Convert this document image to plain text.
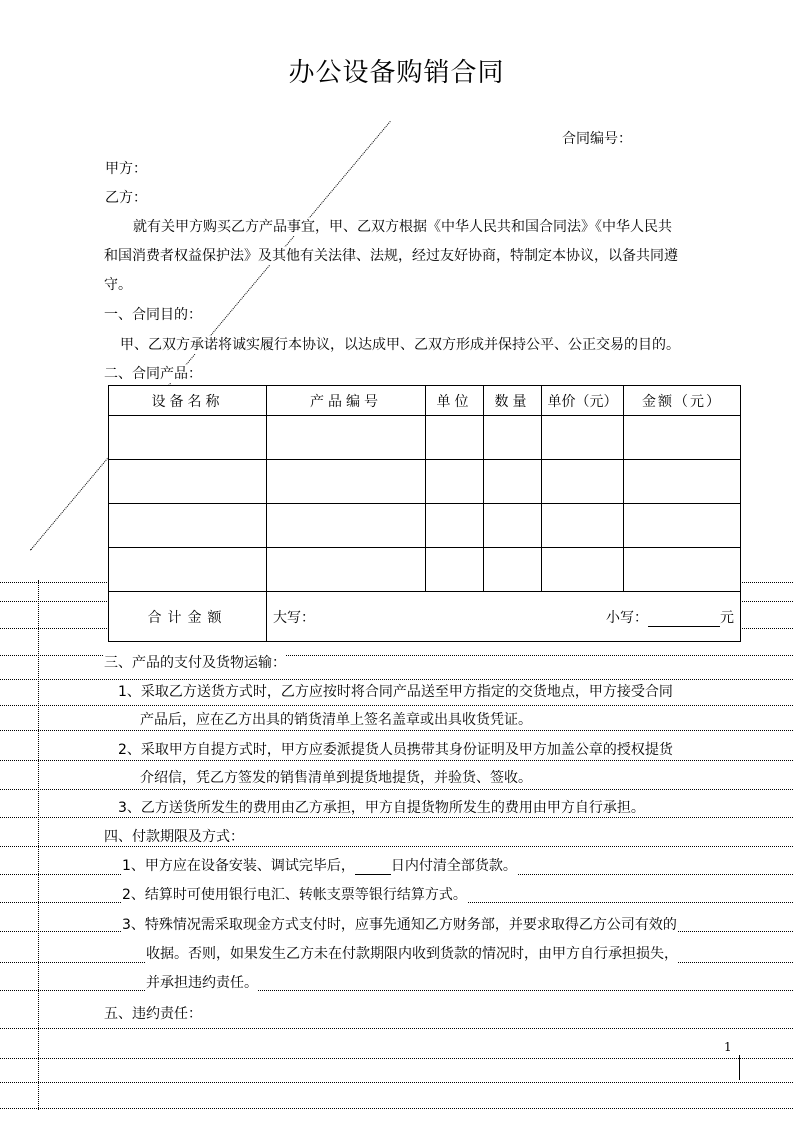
办公设备购销合同
合同编号：
甲方：
乙方：
就有关甲方购买乙方产品事宜，甲、乙双方根据《中华人民共和国合同法》《中华人民共
和国消费者权益保护法》及其他有关法律、法规，经过友好协商，特制定本协议，以备共同遵
守。
一、合同目的：
甲、乙双方承诺将诚实履行本协议，以达成甲、乙双方形成并保持公平、公正交易的目的。
二、合同产品：
设备名称	产品编号	单位	数量	单价（元）	金额（元）

合计金额	大写： 小写： 元				
三、产品的支付及货物运输：
1、采取乙方送货方式时，乙方应按时将合同产品送至甲方指定的交货地点，甲方接受合同
产品后，应在乙方出具的销货清单上签名盖章或出具收货凭证。
2、采取甲方自提方式时，甲方应委派提货人员携带其身份证明及甲方加盖公章的授权提货
介绍信，凭乙方签发的销售清单到提货地提货，并验货、签收。
3、乙方送货所发生的费用由乙方承担，甲方自提货物所发生的费用由甲方自行承担。
四、付款期限及方式：
1、甲方应在设备安装、调试完毕后，	日内付清全部货款。
2、结算时可使用银行电汇、转帐支票等银行结算方式。
3、特殊情况需采取现金方式支付时，应事先通知乙方财务部，并要求取得乙方公司有效的
收据。否则，如果发生乙方未在付款期限内收到货款的情况时，由甲方自行承担损失，
并承担违约责任。
五、违约责任：
1
